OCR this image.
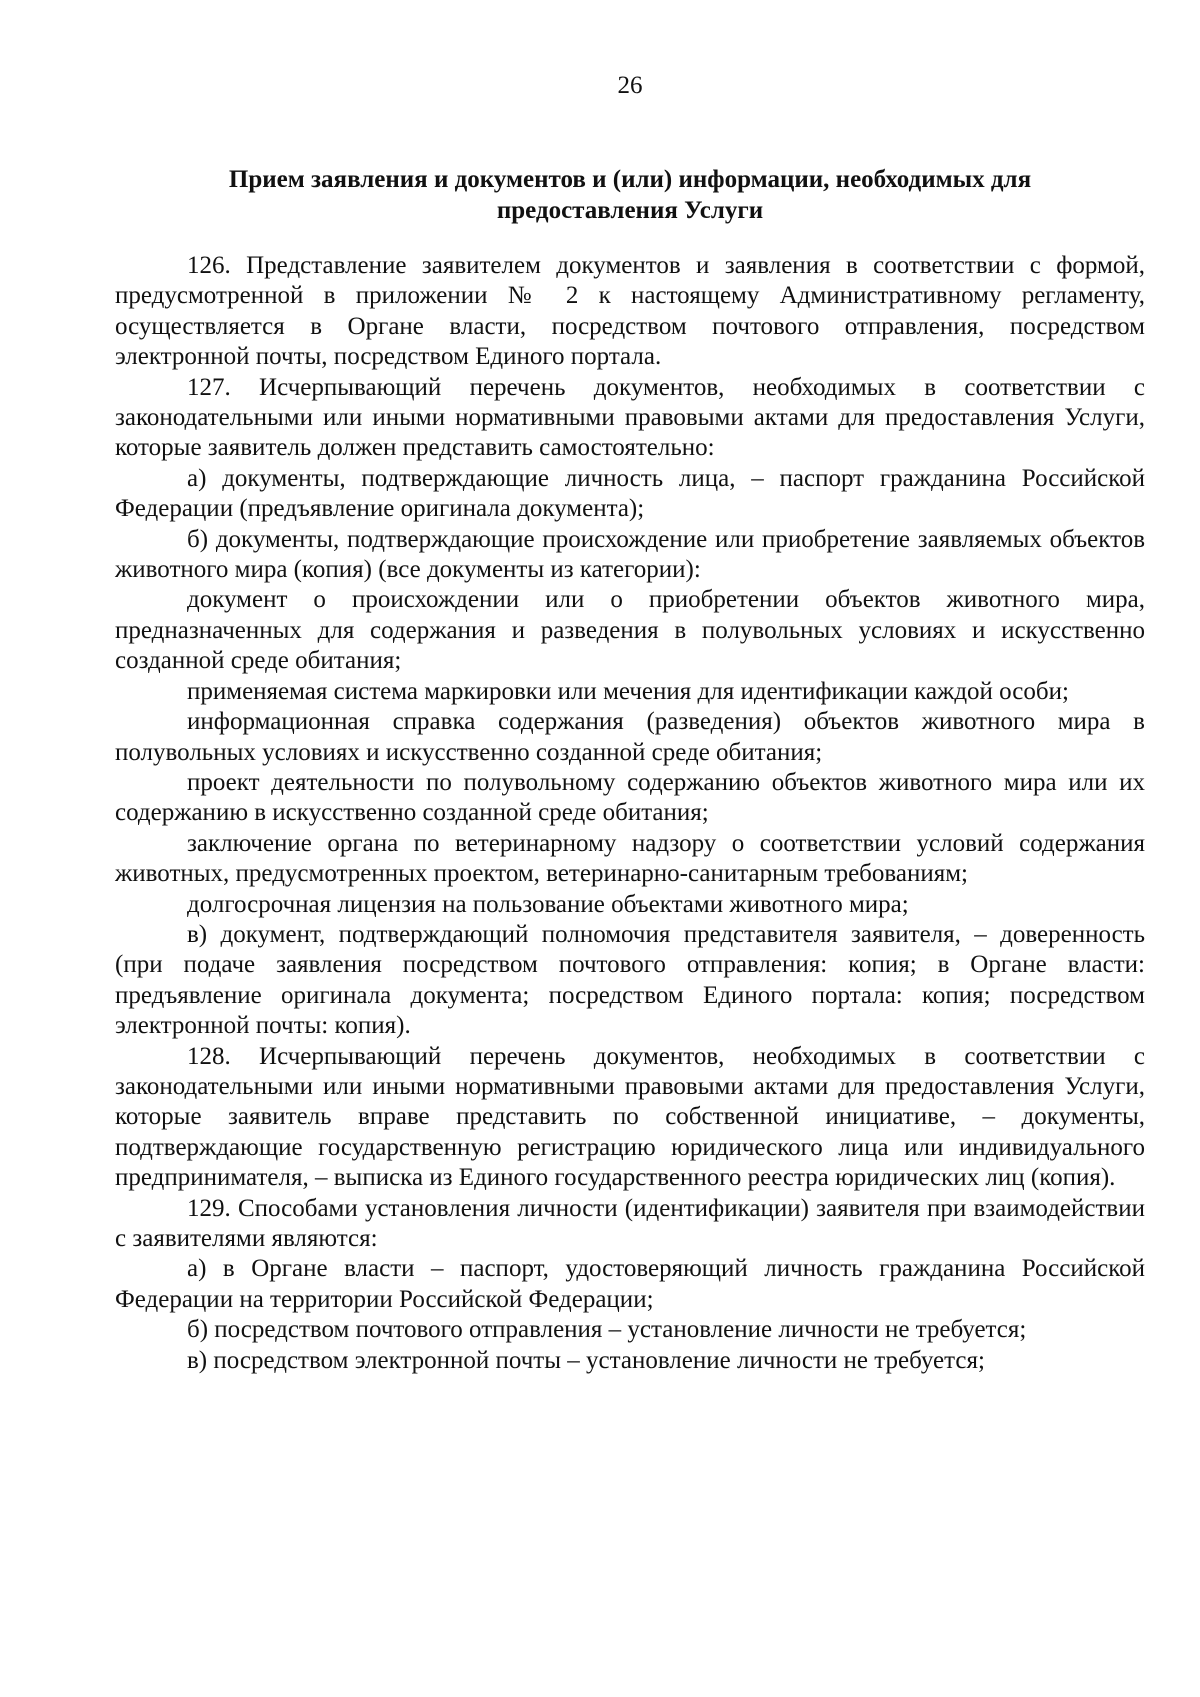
26
Прием заявления и документов и (или) информации, необходимых для
предоставления Услуги

126. Представление заявителем документов и заявления в соответствии с формой, предусмотренной в приложении № 2 к настоящему Административному регламенту, осуществляется в Органе власти, посредством почтового отправления, посредством электронной почты, посредством Единого портала.

127. Исчерпывающий перечень документов, необходимых в соответствии с законодательными или иными нормативными правовыми актами для предоставления Услуги, которые заявитель должен представить самостоятельно:

а) документы, подтверждающие личность лица, – паспорт гражданина Российской Федерации (предъявление оригинала документа);

б) документы, подтверждающие происхождение или приобретение заявляемых объектов животного мира (копия) (все документы из категории):

документ о происхождении или о приобретении объектов животного мира, предназначенных для содержания и разведения в полувольных условиях и искусственно созданной среде обитания;

применяемая система маркировки или мечения для идентификации каждой особи;

информационная справка содержания (разведения) объектов животного мира в полувольных условиях и искусственно созданной среде обитания;

проект деятельности по полувольному содержанию объектов животного мира или их содержанию в искусственно созданной среде обитания;

заключение органа по ветеринарному надзору о соответствии условий содержания животных, предусмотренных проектом, ветеринарно-санитарным требованиям;

долгосрочная лицензия на пользование объектами животного мира;

в) документ, подтверждающий полномочия представителя заявителя, – доверенность (при подаче заявления посредством почтового отправления: копия; в Органе власти: предъявление оригинала документа; посредством Единого портала: копия; посредством электронной почты: копия).

128. Исчерпывающий перечень документов, необходимых в соответствии с законодательными или иными нормативными правовыми актами для предоставления Услуги, которые заявитель вправе представить по собственной инициативе, – документы, подтверждающие государственную регистрацию юридического лица или индивидуального предпринимателя, – выписка из Единого государственного реестра юридических лиц (копия).

129. Способами установления личности (идентификации) заявителя при взаимодействии с заявителями являются:

а) в Органе власти – паспорт, удостоверяющий личность гражданина Российской Федерации на территории Российской Федерации;

б) посредством почтового отправления – установление личности не требуется;

в) посредством электронной почты – установление личности не требуется;
